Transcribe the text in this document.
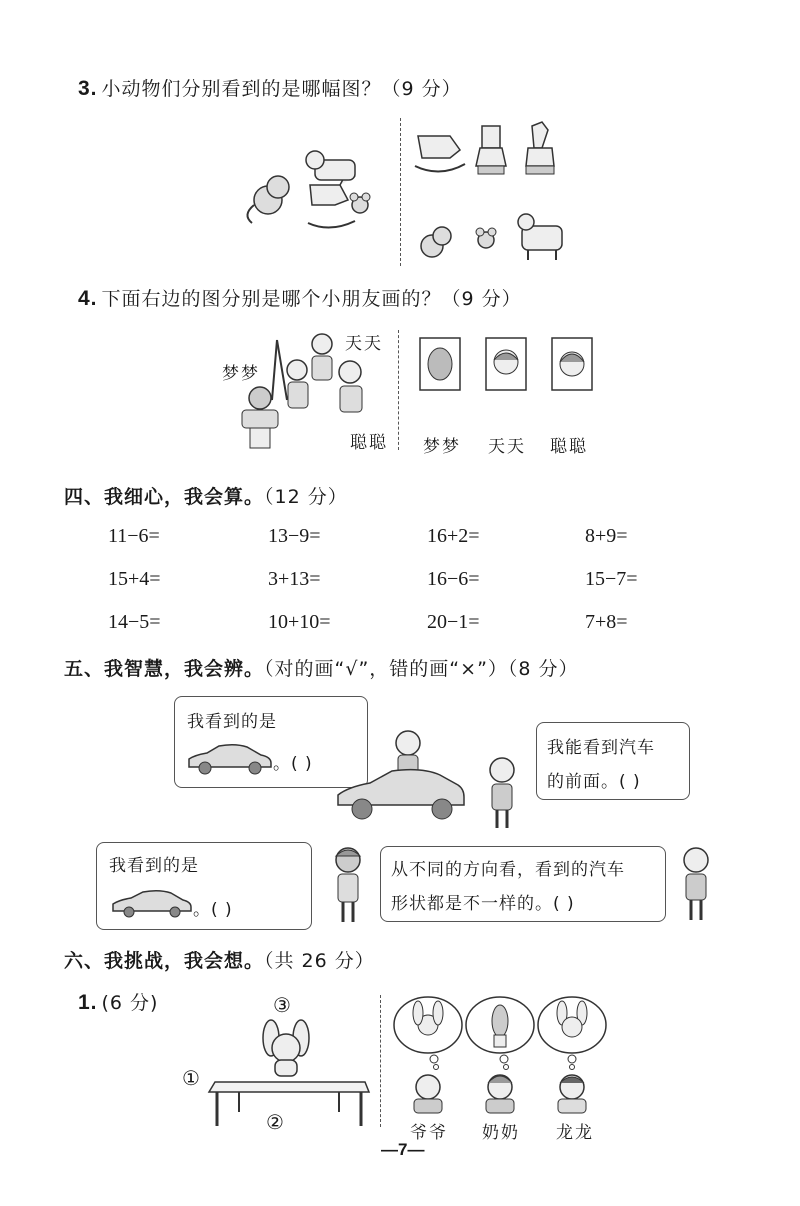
3. 小动物们分别看到的是哪幅图？（9 分）
4. 下面右边的图分别是哪个小朋友画的？（9 分）
天天
梦梦
聪聪 梦梦 天天 聪聪
四、我细心，我会算。（12 分）
11−6=	13−9=	16+2=	8+9=
15+4=	3+13=	16−6=	15−7=
14−5=	10+10=	20−1=	7+8=
五、我智慧，我会辨。（对的画“√”，错的画“×”）（8 分）
我看到的是
。( )
我能看到汽车
的前面。( )
我看到的是
。( )
从不同的方向看，看到的汽车
形状都是不一样的。( )
六、我挑战，我会想。（共 26 分）
1. (6 分)	③
①
②	爷爷 奶奶 龙龙
—7—
